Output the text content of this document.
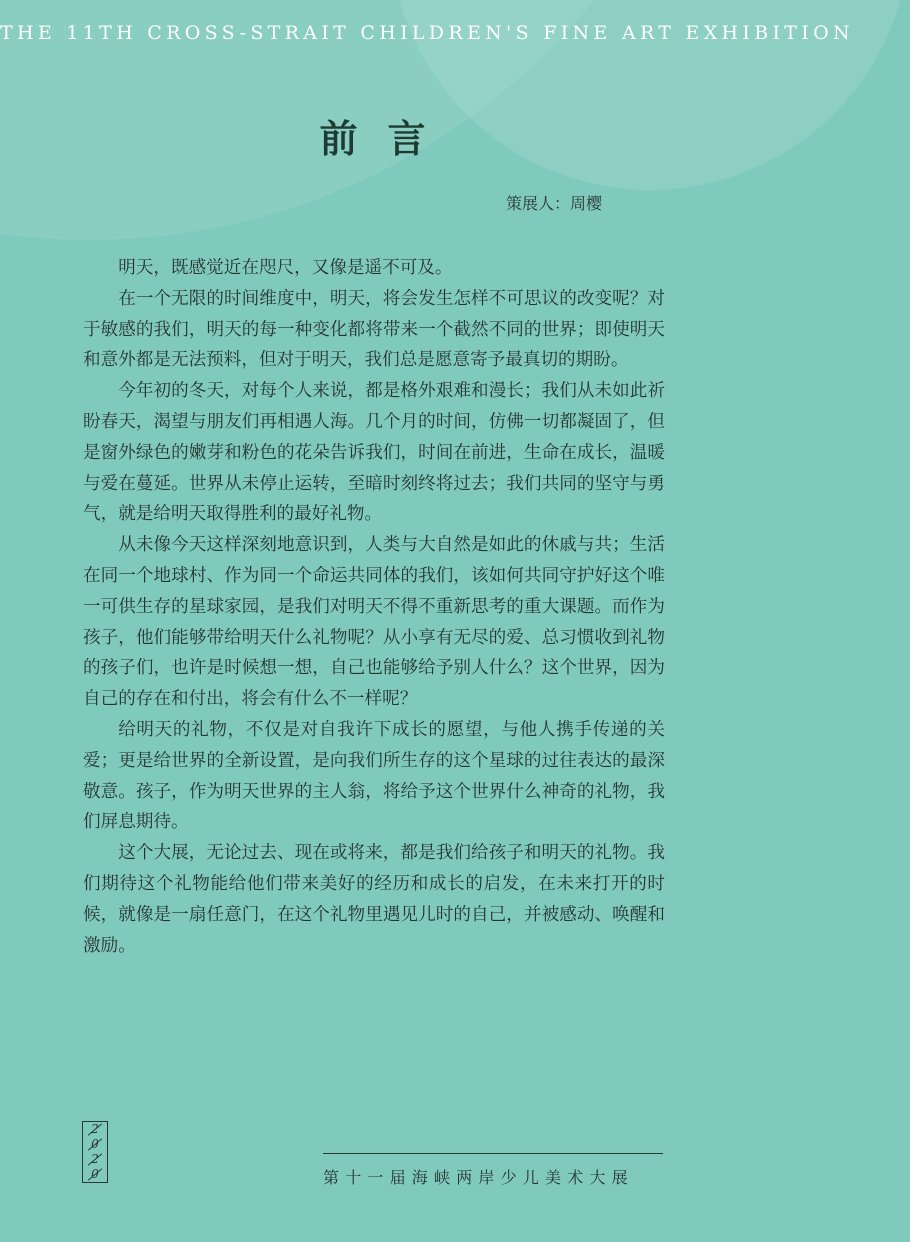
THE 11TH CROSS-STRAIT CHILDREN'S FINE ART EXHIBITION
前言
策展人：周樱

明天，既感觉近在咫尺，又像是遥不可及。

在一个无限的时间维度中，明天，将会发生怎样不可思议的改变呢？对于敏感的我们，明天的每一种变化都将带来一个截然不同的世界；即使明天和意外都是无法预料，但对于明天，我们总是愿意寄予最真切的期盼。

今年初的冬天，对每个人来说，都是格外艰难和漫长；我们从未如此祈盼春天，渴望与朋友们再相遇人海。几个月的时间，仿佛一切都凝固了，但是窗外绿色的嫩芽和粉色的花朵告诉我们，时间在前进，生命在成长，温暖与爱在蔓延。世界从未停止运转，至暗时刻终将过去；我们共同的坚守与勇气，就是给明天取得胜利的最好礼物。

从未像今天这样深刻地意识到，人类与大自然是如此的休戚与共；生活在同一个地球村、作为同一个命运共同体的我们，该如何共同守护好这个唯一可供生存的星球家园，是我们对明天不得不重新思考的重大课题。而作为孩子，他们能够带给明天什么礼物呢？从小享有无尽的爱、总习惯收到礼物的孩子们，也许是时候想一想，自己也能够给予别人什么？这个世界，因为自己的存在和付出，将会有什么不一样呢？

给明天的礼物，不仅是对自我许下成长的愿望，与他人携手传递的关爱；更是给世界的全新设置，是向我们所生存的这个星球的过往表达的最深敬意。孩子，作为明天世界的主人翁，将给予这个世界什么神奇的礼物，我们屏息期待。

这个大展，无论过去、现在或将来，都是我们给孩子和明天的礼物。我们期待这个礼物能给他们带来美好的经历和成长的启发，在未来打开的时候，就像是一扇任意门，在这个礼物里遇见儿时的自己，并被感动、唤醒和激励。

2
0
2
0	第十一届海峡两岸少儿美术大展
